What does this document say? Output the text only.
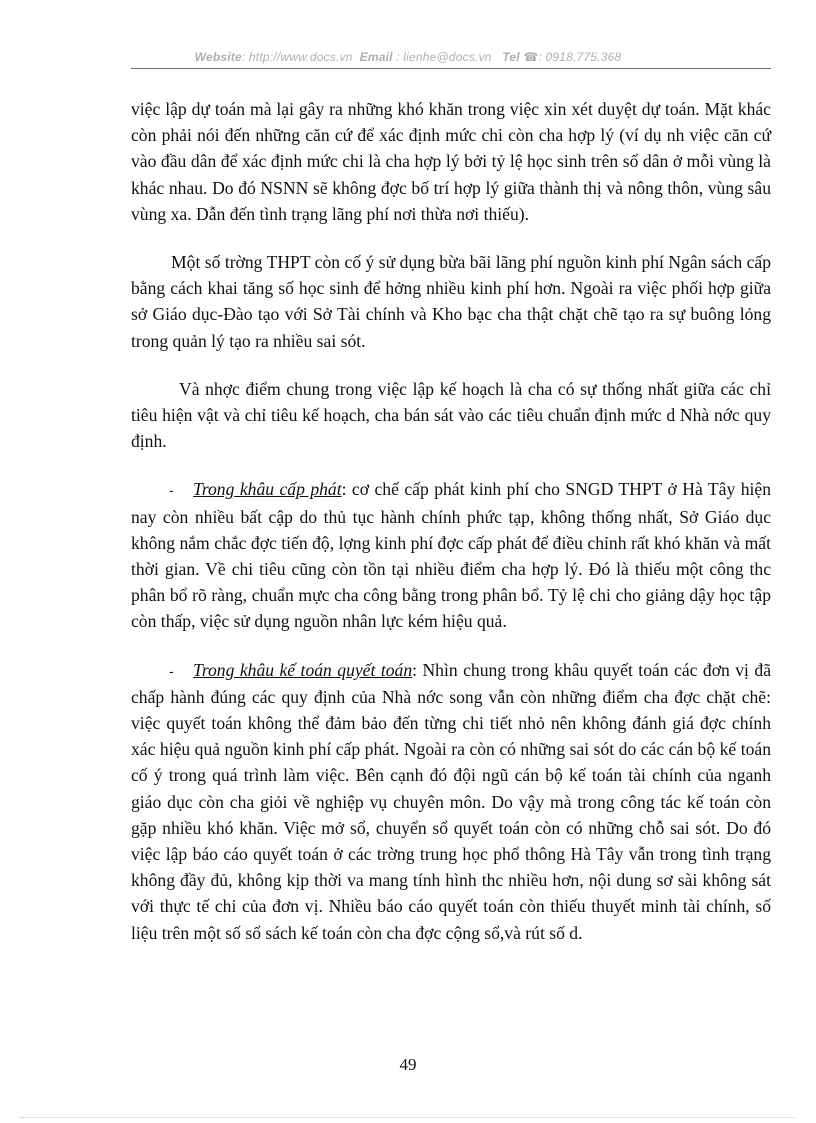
Website: http://www.docs.vn Email : lienhe@docs.vn Tel ☎: 0918.775.368

việc lập dự toán mà lại gây ra những khó khăn trong việc xin xét duyệt dự toán. Mặt khác còn phải nói đến những căn cứ để xác định mức chi còn cha hợp lý (ví dụ nh việc căn cứ vào đầu dân để xác định mức chi là cha hợp lý bởi tỷ lệ học sinh trên số dân ở mỗi vùng là khác nhau. Do đó NSNN sẽ không đợc bố trí hợp lý giữa thành thị và nông thôn, vùng sâu vùng xa. Dẫn đến tình trạng lãng phí nơi thừa nơi thiếu).

Một số trờng THPT còn cố ý sử dụng bừa bãi lãng phí nguồn kinh phí Ngân sách cấp bằng cách khai tăng số học sinh để hởng nhiều kinh phí hơn. Ngoài ra việc phối hợp giữa sở Giáo dục-Đào tạo với Sở Tài chính và Kho bạc cha thật chặt chẽ tạo ra sự buông lỏng trong quản lý tạo ra nhiều sai sót.

Và nhợc điểm chung trong việc lập kế hoạch là cha có sự thống nhất giữa các chỉ tiêu hiện vật và chỉ tiêu kế hoạch, cha bán sát vào các tiêu chuẩn định mức d Nhà nớc quy định.

- Trong khâu cấp phát: cơ chế cấp phát kinh phí cho SNGD THPT ở Hà Tây hiện nay còn nhiều bất cập do thủ tục hành chính phức tạp, không thống nhất, Sở Giáo dục không nắm chắc đợc tiến độ, lợng kinh phí đợc cấp phát để điều chỉnh rất khó khăn và mất thời gian. Về chi tiêu cũng còn tồn tại nhiều điểm cha hợp lý. Đó là thiếu một công thc phân bổ rõ ràng, chuẩn mực cha công bằng trong phân bổ. Tỷ lệ chi cho giảng dậy học tập còn thấp, việc sử dụng nguồn nhân lực kém hiệu quả.

- Trong khâu kế toán quyết toán: Nhìn chung trong khâu quyết toán các đơn vị đã chấp hành đúng các quy định của Nhà nớc song vẫn còn những điểm cha đợc chặt chẽ: việc quyết toán không thể đảm bảo đến từng chi tiết nhỏ nên không đánh giá đợc chính xác hiệu quả nguồn kinh phí cấp phát. Ngoài ra còn có những sai sót do các cán bộ kế toán cố ý trong quá trình làm việc. Bên cạnh đó đội ngũ cán bộ kế toán tài chính của nganh giáo dục còn cha giỏi về nghiệp vụ chuyên môn. Do vậy mà trong công tác kế toán còn gặp nhiều khó khăn. Việc mở sổ, chuyển sổ quyết toán còn có những chỗ sai sót. Do đó việc lập báo cáo quyết toán ở các trờng trung học phổ thông Hà Tây vẫn trong tình trạng không đầy đủ, không kịp thời va mang tính hình thc nhiều hơn, nội dung sơ sài không sát với thực tế chi của đơn vị. Nhiều báo cáo quyết toán còn thiếu thuyết minh tài chính, số liệu trên một số sổ sách kế toán còn cha đợc cộng sổ,và rút số d.

49
